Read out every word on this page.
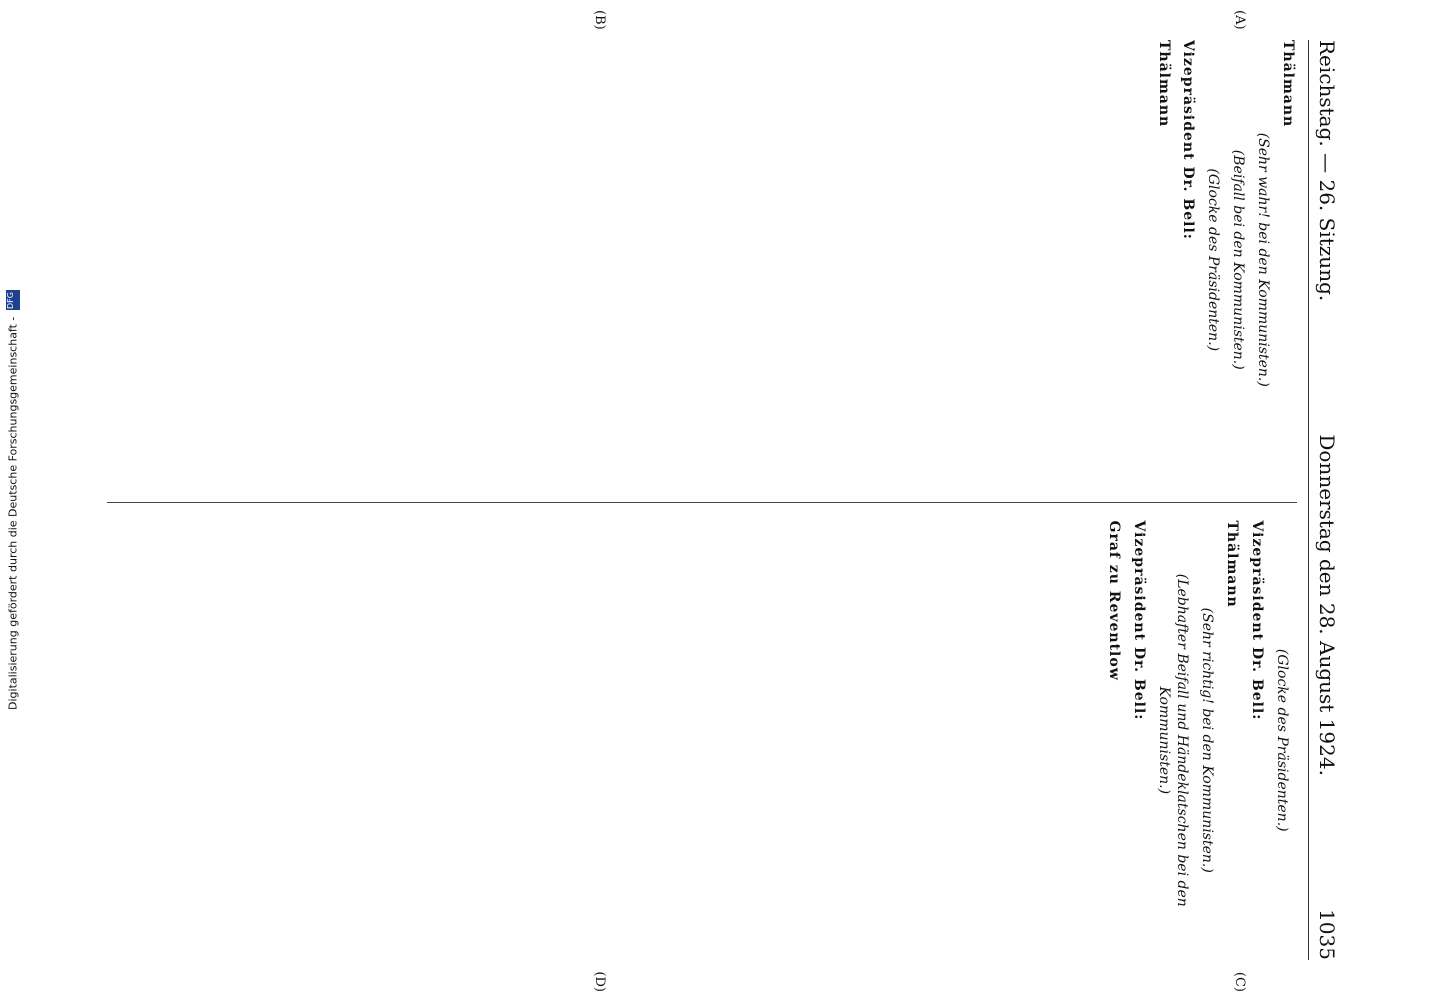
Reichstag. — 26. Sitzung.
Donnerstag den 28. August 1924.
1035
(A)
(B)
(C)
(D)

Thälmann

(Sehr wahr! bei den Kommunisten.)

(Beifall bei den Kommunisten.)

(Glocke des Präsidenten.)

Vizepräsident Dr. Bell:

Thälmann

(Glocke des Präsidenten.)

Vizepräsident Dr. Bell:

Thälmann

(Sehr richtig! bei den Kommunisten.)

(Lebhafter Beifall und Händeklatschen bei den Kommunisten.)

Vizepräsident Dr. Bell:

Graf zu Reventlow

Digitalisierung gefördert durch die Deutsche Forschungsgemeinschaft -
DFG
